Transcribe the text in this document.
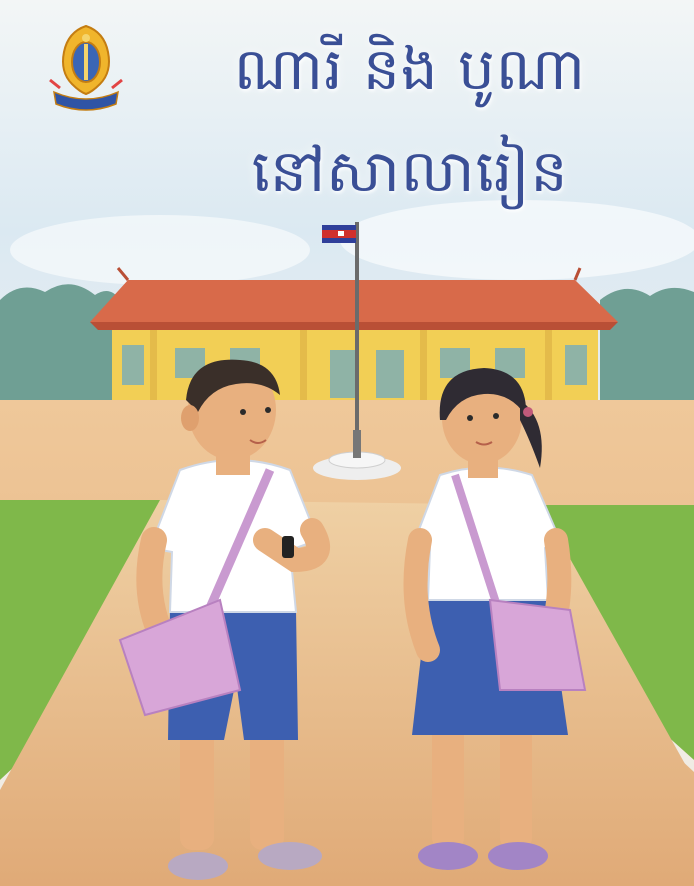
ណារី និង បូណា
នៅសាលារៀន
